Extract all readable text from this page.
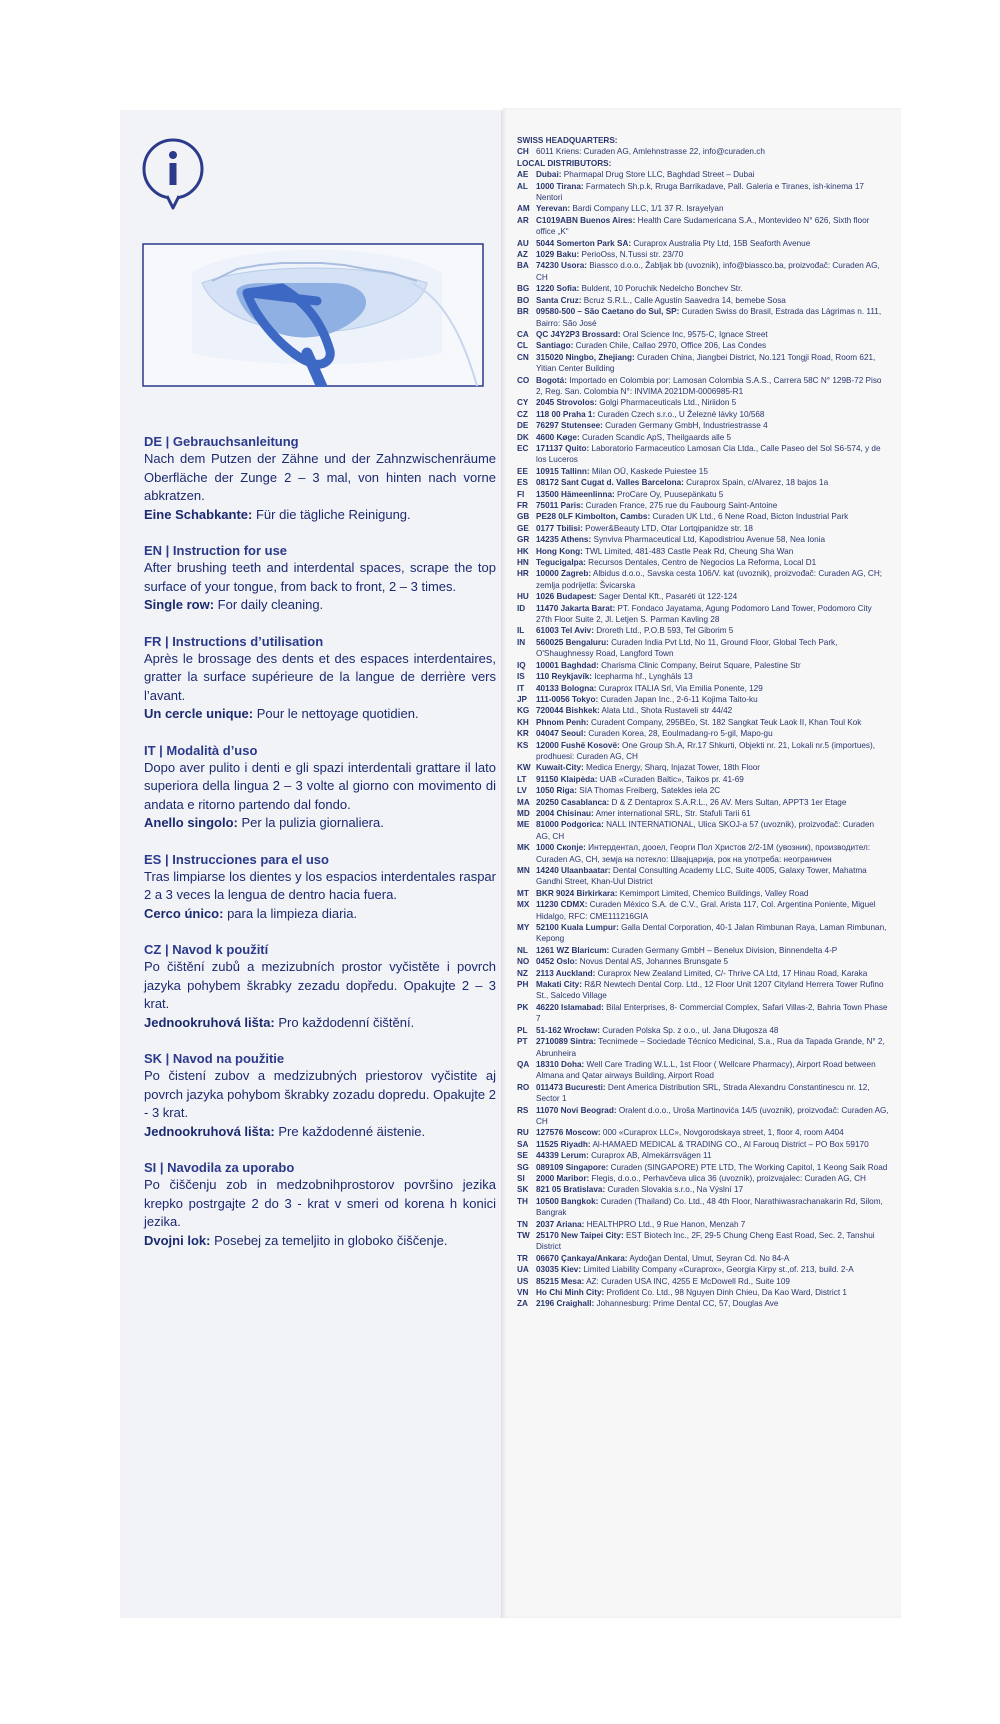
DE | Gebrauchsanleitung
Nach dem Putzen der Zähne und der Zahnzwischenräume Oberfläche der Zunge 2 – 3 mal, von hinten nach vorne abkratzen.
Eine Schabkante: Für die tägliche Reinigung.
EN | Instruction for use
After brushing teeth and interdental spaces, scrape the top surface of your tongue, from back to front, 2 – 3 times.
Single row: For daily cleaning.
FR | Instructions d’utilisation
Après le brossage des dents et des espaces interdentaires, gratter la surface supérieure de la langue de derrière vers l’avant.
Un cercle unique: Pour le nettoyage quotidien.
IT | Modalità d’uso
Dopo aver pulito i denti e gli spazi interdentali grattare il lato superiora della lingua 2 – 3 volte al giorno con movimento di andata e ritorno partendo dal fondo.
Anello singolo: Per la pulizia giornaliera.
ES | Instrucciones para el uso
Tras limpiarse los dientes y los espacios interdentales raspar 2 a 3 veces la lengua de dentro hacia fuera.
Cerco único: para la limpieza diaria.
CZ | Navod k použití
Po čištění zubů a mezizubních prostor vyčistěte i povrch jazyka pohybem škrabky zezadu dopředu. Opakujte 2 – 3 krat.
Jednookruhová lišta: Pro každodenní čištění.
SK | Navod na použitie
Po čistení zubov a medzizubných priestorov vyčistite aj povrch jazyka pohybom škrabky zozadu dopredu. Opakujte 2 - 3 krat.
Jednookruhová lišta: Pre každodenné äistenie.
SI | Navodila za uporabo
Po čiščenju zob in medzobnihprostorov površino jezika krepko postrgajte 2 do 3 - krat v smeri od korena h konici jezika.
Dvojni lok: Posebej za temeljito in globoko čiščenje.
SWISS HEADQUARTERS:
CH 6011 Kriens: Curaden AG, Amlehnstrasse 22, info@curaden.ch
LOCAL DISTRIBUTORS:
AE Dubai: Pharmapal Drug Store LLC, Baghdad Street – Dubai
AL 1000 Tirana: Farmatech Sh.p.k, Rruga Barrikadave, Pall. Galeria e Tiranes, ish-kinema 17 Nentori
AM Yerevan: Bardi Company LLC, 1/1 37 R. Israyelyan
AR C1019ABN Buenos Aires: Health Care Sudamericana S.A., Montevideo N° 626, Sixth floor office „K“
AU 5044 Somerton Park SA: Curaprox Australia Pty Ltd, 15B Seaforth Avenue
AZ 1029 Baku: PerioOss, N.Tussi str. 23/70
BA 74230 Usora: Biassco d.o.o., Žabljak bb (uvoznik), info@biassco.ba, proizvođač: Curaden AG, CH
BG 1220 Sofia: Buldent, 10 Poruchik Nedelcho Bonchev Str.
BO Santa Cruz: Bcruz S.R.L., Calle Agustin Saavedra 14, bemebe Sosa
BR 09580-500 – São Caetano do Sul, SP: Curaden Swiss do Brasil, Estrada das Lágrimas n. 111, Bairro: São José
CA QC J4Y2P3 Brossard: Oral Science Inc, 9575-C, Ignace Street
CL Santiago: Curaden Chile, Callao 2970, Office 206, Las Condes
CN 315020 Ningbo, Zhejiang: Curaden China, Jiangbei District, No.121 Tongji Road, Room 621, Yitian Center Building
CO Bogotá: Importado en Colombia por: Lamosan Colombia S.A.S., Carrera 58C N° 129B-72 Piso 2, Reg. San. Colombia N°: INVIMA 2021DM-0006985-R1
CY 2045 Strovolos: Golgi Pharmaceuticals Ltd., Niriidon 5
CZ 118 00 Praha 1: Curaden Czech s.r.o., U Železné lávky 10/568
DE 76297 Stutensee: Curaden Germany GmbH, Industriestrasse 4
DK 4600 Køge: Curaden Scandic ApS, Theilgaards alle 5
EC 171137 Quito: Laboratorio Farmaceutico Lamosan Cia Ltda., Calle Paseo del Sol S6-574, y de los Luceros
EE 10915 Tallinn: Milan OÜ, Kaskede Puiestee 15
ES 08172 Sant Cugat d. Valles Barcelona: Curaprox Spain, c/Alvarez, 18 bajos 1a
FI	13500 Hämeenlinna: ProCare Oy, Puusepänkatu 5
FR 75011 Paris: Curaden France, 275 rue du Faubourg Saint-Antoine
GB PE28 0LF Kimbolton, Cambs: Curaden UK Ltd., 6 Nene Road, Bicton Industrial Park
GE 0177 Tbilisi: Power&Beauty LTD, Otar Lortqipanidze str. 18
GR 14235 Athens: Synviva Pharmaceutical Ltd, Kapodistriou Avenue 58, Nea Ionia
HK Hong Kong: TWL Limited, 481-483 Castle Peak Rd, Cheung Sha Wan
HN Tegucigalpa: Recursos Dentales, Centro de Negocios La Reforma, Local D1
HR 10000 Zagreb: Albidus d.o.o., Savska cesta 106/V. kat (uvoznik), proizvođač: Curaden AG, CH; zemlja podrijetla: Švicarska
HU 1026 Budapest: Sager Dental Kft., Pasaréti út 122-124
ID	11470 Jakarta Barat: PT. Fondaco Jayatama, Agung Podomoro Land Tower, Podomoro City 27th Floor Suite 2, Jl. Letjen S. Parman Kavling 28
IL	61003 Tel Aviv: Droreth Ltd., P.O.B 593, Tel Giborim 5
IN	560025 Bengaluru: Curaden India Pvt Ltd, No 11, Ground Floor, Global Tech Park, O'Shaughnessy Road, Langford Town
IQ	10001 Baghdad: Charisma Clinic Company, Beirut Square, Palestine Str
IS	110 Reykjavík: Icepharma hf., Lynghäls 13
IT	40133 Bologna: Curaprox ITALIA Srl, Via Emilia Ponente, 129
JP	111-0056 Tokyo: Curaden Japan Inc., 2-6-11 Kojima Taito-ku
KG 720044 Bishkek: Alata Ltd., Shota Rustaveli str 44/42
KH Phnom Penh: Curadent Company, 295BEo, St. 182 Sangkat Teuk Laok II, Khan Toul Kok
KR 04047 Seoul: Curaden Korea, 28, Eoulmadang-ro 5-gil, Mapo-gu
KS 12000 Fushë Kosovë: One Group Sh.A, Rr.17 Shkurti, Objekti nr. 21, Lokali nr.5 (importues), prodhuesi: Curaden AG, CH
KW Kuwait-City: Medica Energy, Sharq, Injazat Tower, 18th Floor
LT	91150 Klaipėda: UAB «Curaden Baltic», Taikos pr. 41-69
LV	1050 Riga: SIA Thomas Freiberg, Satekles iela 2C
MA 20250 Casablanca: D & Z Dentaprox S.A.R.L., 26 AV. Mers Sultan, APPT3 1er Etage
MD 2004 Chisinau: Amer international SRL, Str. Stafuli Tarii 61
ME 81000 Podgorica: NALL INTERNATIONAL, Ulica SKOJ-a 57 (uvoznik), proizvođač: Curaden AG, CH
MK 1000 Скопје: Интердентал, дооел, Георги Пол Христов 2/2-1М (увозник), производител: Curaden AG, CH, земја на потекло: Швајцарија, рок на употреба: неограничен
MN 14240 Ulaanbaatar: Dental Consulting Academy LLC, Suite 4005, Galaxy Tower, Mahatma Gandhi Street, Khan-Uul District
MT BKR 9024 Birkirkara: Kemimport Limited, Chemico Buildings, Valley Road
MX 11230 CDMX: Curaden México S.A. de C.V., Gral. Arista 117, Col. Argentina Poniente, Miguel Hidalgo, RFC: CME111216GIA
MY 52100 Kuala Lumpur: Galla Dental Corporation, 40-1 Jalan Rimbunan Raya, Laman Rimbunan, Kepong
NL 1261 WZ Blaricum: Curaden Germany GmbH – Benelux Division, Binnendelta 4-P
NO 0452 Oslo: Novus Dental AS, Johannes Brunsgate 5
NZ 2113 Auckland: Curaprox New Zealand Limited, C/- Thrive CA Ltd, 17 Hinau Road, Karaka
PH Makati City: R&R Newtech Dental Corp. Ltd., 12 Floor Unit 1207 Cityland Herrera Tower Rufino St., Salcedo Village
PK 46220 Islamabad: Bilal Enterprises, 8- Commercial Complex, Safari Villas-2, Bahria Town Phase 7
PL	51-162 Wrocław: Curaden Polska Sp. z o.o., ul. Jana Długosza 48
PT	2710089 Sintra: Tecnimede – Sociedade Técnico Medicinal, S.a., Rua da Tapada Grande, N° 2, Abrunheira
QA 18310 Doha: Well Care Trading W.L.L, 1st Floor ( Wellcare Pharmacy), Airport Road between Almana and Qatar airways Building, Airport Road
RO 011473 Bucuresti: Dent America Distribution SRL, Strada Alexandru Constantinescu nr. 12, Sector 1
RS 11070 Novi Beograd: Oralent d.o.o., Uroša Martinovića 14/5 (uvoznik), proizvođač: Curaden AG, CH
RU 127576 Moscow: 000 «Curaprox LLC», Novgorodskaya street, 1, floor 4, room A404
SA 11525 Riyadh: Al-HAMAED MEDICAL & TRADING CO., Al Farouq District – PO Box 59170
SE 44339 Lerum: Curaprox AB, Almekärrsvägen 11
SG 089109 Singapore: Curaden (SINGAPORE) PTE LTD, The Working Capitol, 1 Keong Saik Road
SI	2000 Maribor: Flegis, d.o.o., Perhavčeva ulica 36 (uvoznik), proizvajalec: Curaden AG, CH
SK 821 05 Bratislava: Curaden Slovakia s.r.o., Na Výslní 17
TH 10500 Bangkok: Curaden (Thailand) Co. Ltd., 48 4th Floor, Narathiwasrachanakarin Rd, Silom, Bangrak
TN 2037 Ariana: HEALTHPRO Ltd., 9 Rue Hanon, Menzah 7
TW 25170 New Taipei City: EST Biotech Inc., 2F, 29-5 Chung Cheng East Road, Sec. 2, Tanshui District
TR 06670 Çankaya/Ankara: Aydoğan Dental, Umut, Seyran Cd. No 84-A
UA 03035 Kiev: Limited Liability Company «Curaprox», Georgia Kirpy st.,of. 213, build. 2-A
US 85215 Mesa: AZ: Curaden USA INC, 4255 E McDowell Rd., Suite 109
VN Ho Chi Minh City: Profident Co. Ltd., 98 Nguyen Dinh Chieu, Da Kao Ward, District 1
ZA 2196 Craighall: Johannesburg: Prime Dental CC, 57, Douglas Ave
